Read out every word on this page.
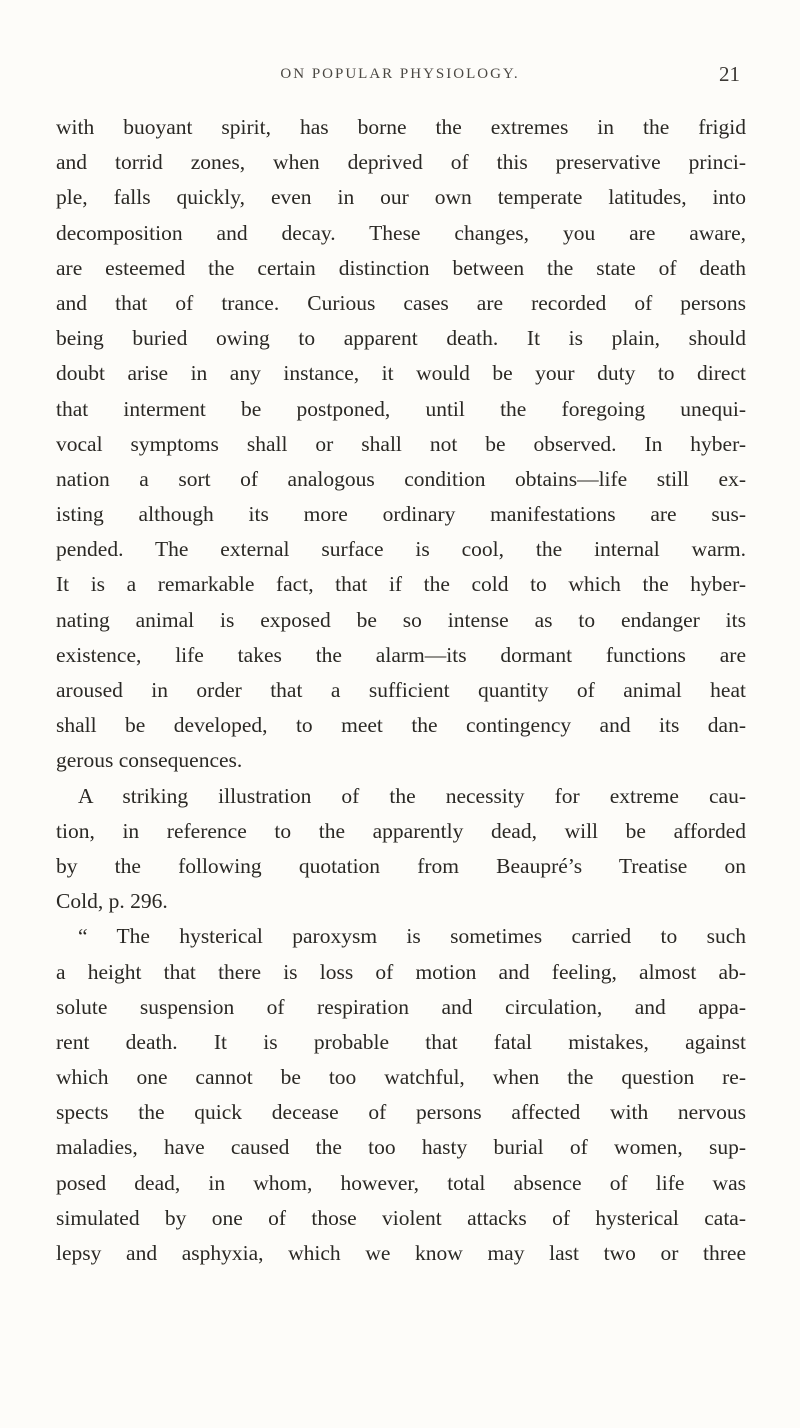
ON POPULAR PHYSIOLOGY.	21
with buoyant spirit, has borne the extremes in the frigid
and torrid zones, when deprived of this preservative princi-
ple, falls quickly, even in our own temperate latitudes, into
decomposition and decay. These changes, you are aware,
are esteemed the certain distinction between the state of death
and that of trance. Curious cases are recorded of persons
being buried owing to apparent death. It is plain, should
doubt arise in any instance, it would be your duty to direct
that interment be postponed, until the foregoing unequi-
vocal symptoms shall or shall not be observed. In hyber-
nation a sort of analogous condition obtains—life still ex-
isting although its more ordinary manifestations are sus-
pended. The external surface is cool, the internal warm.
It is a remarkable fact, that if the cold to which the hyber-
nating animal is exposed be so intense as to endanger its
existence, life takes the alarm—its dormant functions are
aroused in order that a sufficient quantity of animal heat
shall be developed, to meet the contingency and its dan-
gerous consequences.
A striking illustration of the necessity for extreme cau-
tion, in reference to the apparently dead, will be afforded
by the following quotation from Beaupré’s Treatise on
Cold, p. 296.
“ The hysterical paroxysm is sometimes carried to such
a height that there is loss of motion and feeling, almost ab-
solute suspension of respiration and circulation, and appa-
rent death. It is probable that fatal mistakes, against
which one cannot be too watchful, when the question re-
spects the quick decease of persons affected with nervous
maladies, have caused the too hasty burial of women, sup-
posed dead, in whom, however, total absence of life was
simulated by one of those violent attacks of hysterical cata-
lepsy and asphyxia, which we know may last two or three
